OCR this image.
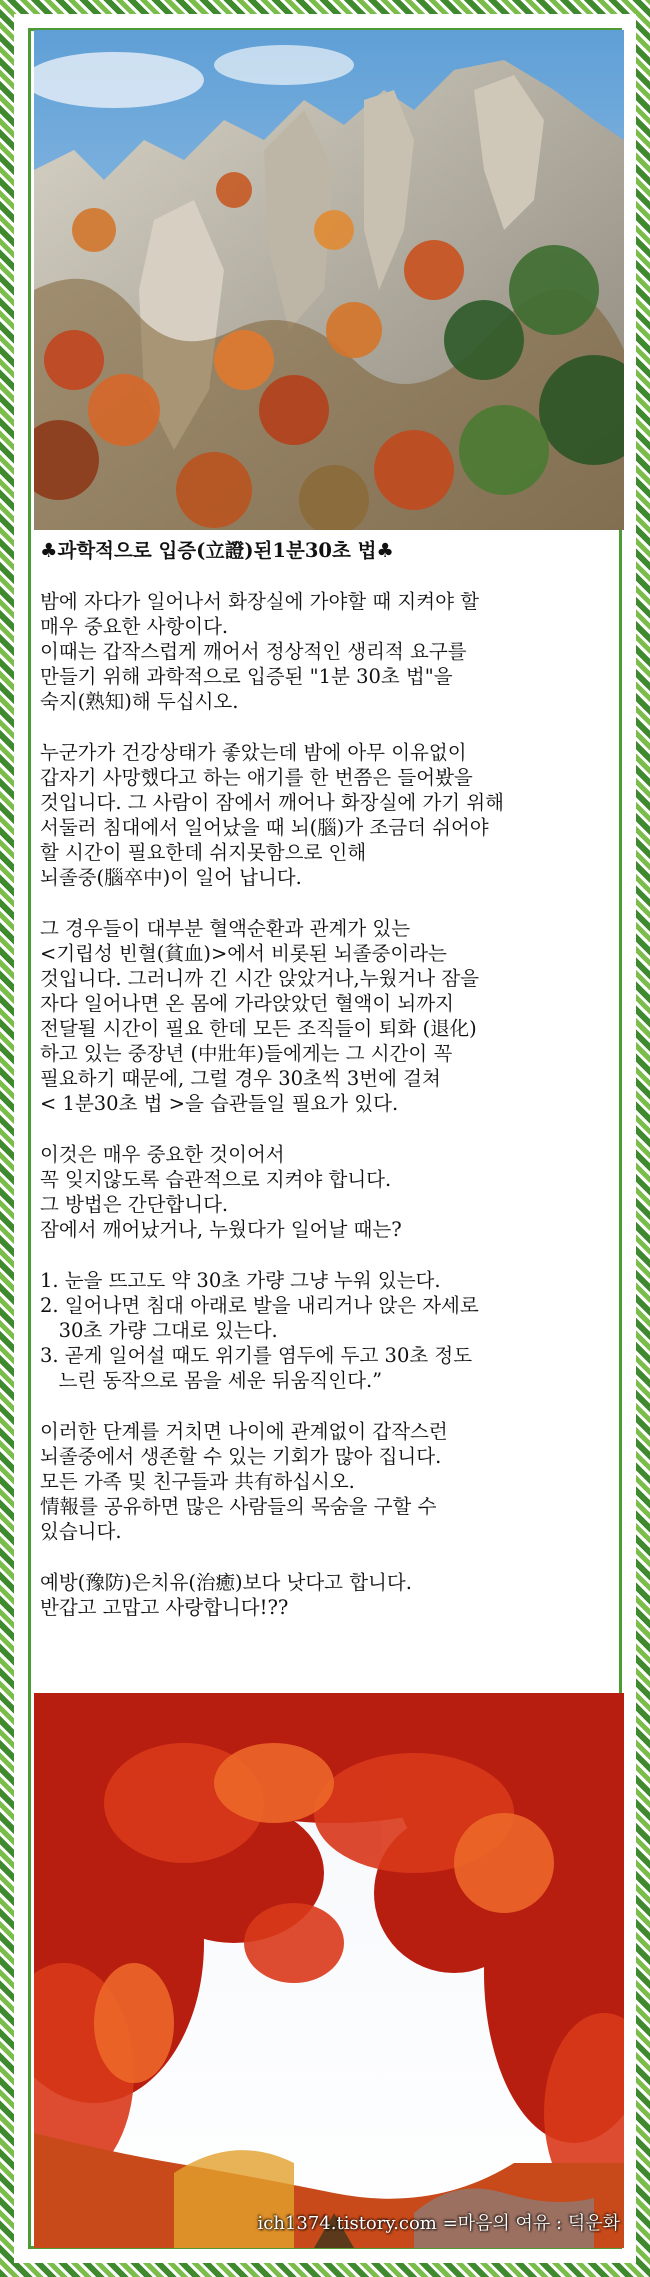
♣과학적으로 입증(立證)된1분30초 법♣

밤에 자다가 일어나서 화장실에 가야할 때 지켜야 할

매우 중요한 사항이다.

이때는 갑작스럽게 깨어서 정상적인 생리적 요구를

만들기 위해 과학적으로 입증된 "1분 30초 법"을

숙지(熟知)해 두십시오.

누군가가 건강상태가 좋았는데 밤에 아무 이유없이

갑자기 사망했다고 하는 애기를 한 번쯤은 들어봤을

것입니다. 그 사람이 잠에서 깨어나 화장실에 가기 위해

서둘러 침대에서 일어났을 때 뇌(腦)가 조금더 쉬어야

할 시간이 필요한데 쉬지못함으로 인해

뇌졸중(腦卒中)이 일어 납니다.

그 경우들이 대부분 혈액순환과 관계가 있는

<기립성 빈혈(貧血)>에서 비롯된 뇌졸중이라는

것입니다. 그러니까 긴 시간 앉았거나,누웠거나 잠을

자다 일어나면 온 몸에 가라앉았던 혈액이 뇌까지

전달될 시간이 필요 한데 모든 조직들이 퇴화 (退化)

하고 있는 중장년 (中壯年)들에게는 그 시간이 꼭

필요하기 때문에, 그럴 경우 30초씩 3번에 걸쳐

< 1분30초 법 >을 습관들일 필요가 있다.

이것은 매우 중요한 것이어서

꼭 잊지않도록 습관적으로 지켜야 합니다.

그 방법은 간단합니다.

잠에서 깨어났거나, 누웠다가 일어날 때는?

1. 눈을 뜨고도 약 30초 가량 그냥 누워 있는다.

2. 일어나면 침대 아래로 발을 내리거나 앉은 자세로

30초 가량 그대로 있는다.

3. 곧게 일어설 때도 위기를 염두에 두고 30초 정도

느린 동작으로 몸을 세운 뒤움직인다.”

이러한 단계를 거치면 나이에 관계없이 갑작스런

뇌졸중에서 생존할 수 있는 기회가 많아 집니다.

모든 가족 및 친구들과 共有하십시오.

情報를 공유하면 많은 사람들의 목숨을 구할 수

있습니다.

예방(豫防)은치유(治癒)보다 낫다고 합니다.

반갑고 고맙고 사랑합니다!??

ich1374.tistory.com =마음의 여유 : 덕운화
